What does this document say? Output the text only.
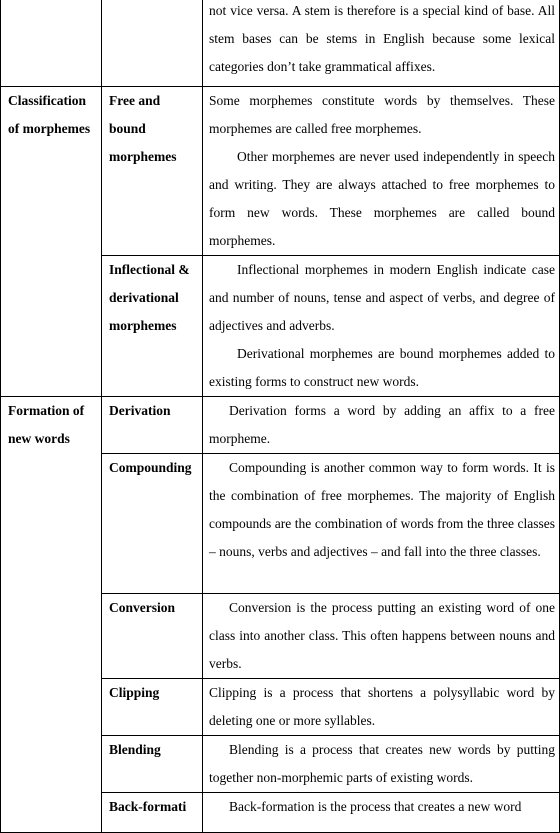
		not vice versa. A stem is therefore is a special kind of base. All stem bases can be stems in English because some lexical categories don’t take grammatical affixes.

Classification of morphemes	Free and bound morphemes	Some morphemes constitute words by themselves. These morphemes are called free morphemes.
Other morphemes are never used independently in speech and writing. They are always attached to free morphemes to form new words. These morphemes are called bound morphemes.

	Inflectional & derivational morphemes	Inflectional morphemes in modern English indicate case and number of nouns, tense and aspect of verbs, and degree of adjectives and adverbs.
Derivational morphemes are bound morphemes added to existing forms to construct new words.

Formation of new words	Derivation	Derivation forms a word by adding an affix to a free morpheme.

	Compounding	Compounding is another common way to form words. It is the combination of free morphemes. The majority of English compounds are the combination of words from the three classes – nouns, verbs and adjectives – and fall into the three classes.

	Conversion	Conversion is the process putting an existing word of one class into another class. This often happens between nouns and verbs.

	Clipping	Clipping is a process that shortens a polysyllabic word by deleting one or more syllables.

	Blending	Blending is a process that creates new words by putting together non-morphemic parts of existing words.

	Back-formati	Back-formation is the process that creates a new word
